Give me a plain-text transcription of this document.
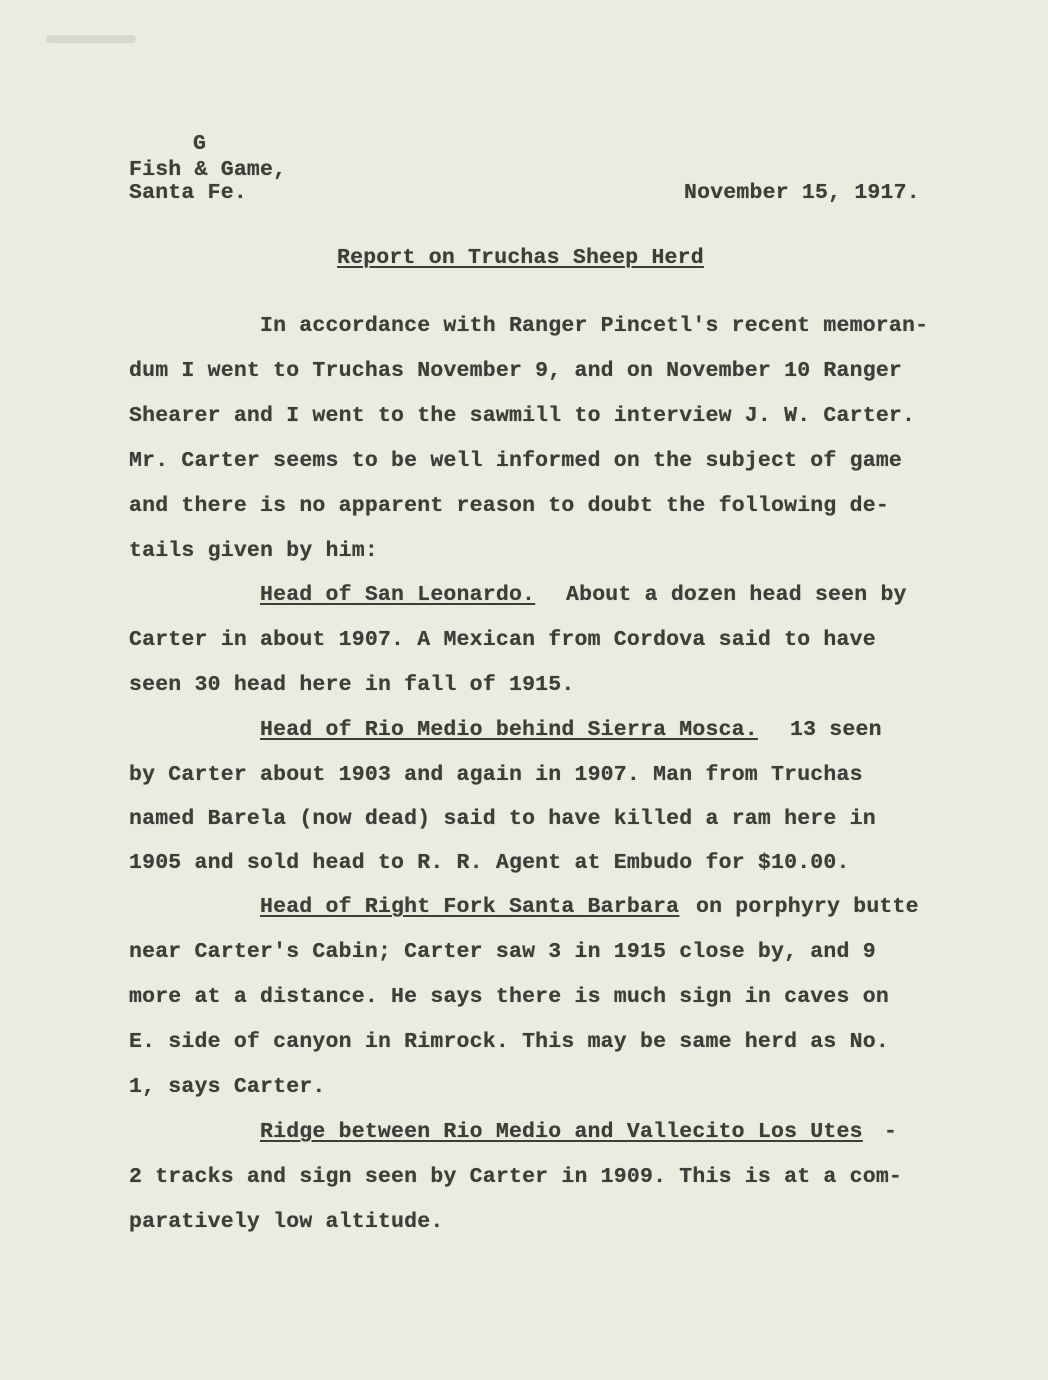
G
Fish & Game,
Santa Fe.	November 15, 1917.
Report on Truchas Sheep Herd
In accordance with Ranger Pincetl's recent memoran-
dum I went to Truchas November 9, and on November 10 Ranger
Shearer and I went to the sawmill to interview J. W. Carter.
Mr. Carter seems to be well informed on the subject of game
and there is no apparent reason to doubt the following de-
tails given by him:
Head of San Leonardo. About a dozen head seen by
Carter in about 1907. A Mexican from Cordova said to have
seen 30 head here in fall of 1915.
Head of Rio Medio behind Sierra Mosca. 13 seen
by Carter about 1903 and again in 1907. Man from Truchas
named Barela (now dead) said to have killed a ram here in
1905 and sold head to R. R. Agent at Embudo for $10.00.
Head of Right Fork Santa Barbara on porphyry butte
near Carter's Cabin; Carter saw 3 in 1915 close by, and 9
more at a distance. He says there is much sign in caves on
E. side of canyon in Rimrock. This may be same herd as No.
1, says Carter.
Ridge between Rio Medio and Vallecito Los Utes -
2 tracks and sign seen by Carter in 1909. This is at a com-
paratively low altitude.
